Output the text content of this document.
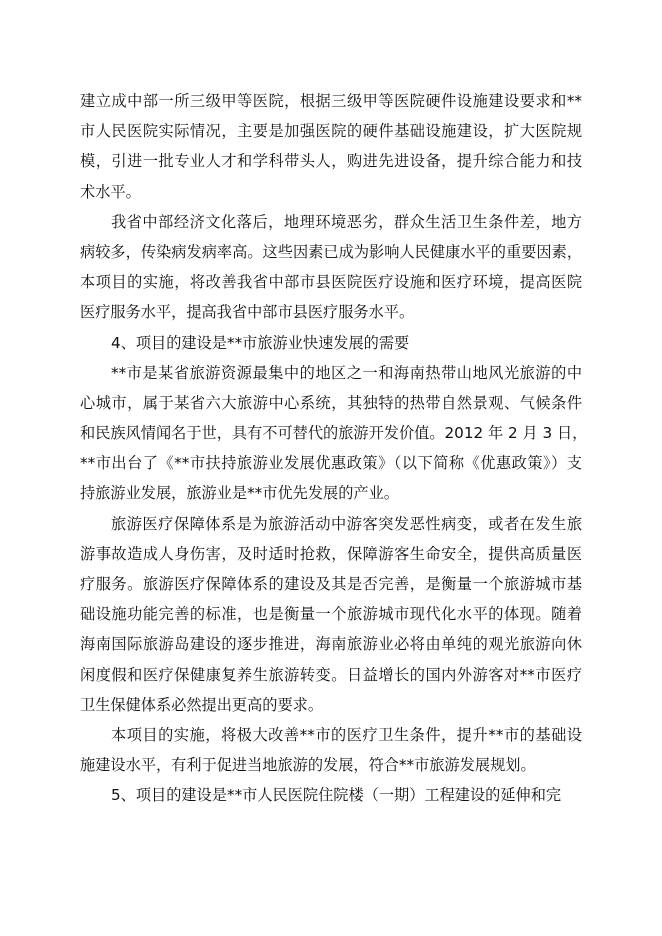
建立成中部一所三级甲等医院，根据三级甲等医院硬件设施建设要求和**
市人民医院实际情况，主要是加强医院的硬件基础设施建设，扩大医院规
模，引进一批专业人才和学科带头人，购进先进设备，提升综合能力和技
术水平。
我省中部经济文化落后，地理环境恶劣，群众生活卫生条件差，地方
病较多，传染病发病率高。这些因素已成为影响人民健康水平的重要因素，
本项目的实施，将改善我省中部市县医院医疗设施和医疗环境，提高医院
医疗服务水平，提高我省中部市县医疗服务水平。
4、项目的建设是**市旅游业快速发展的需要
**市是某省旅游资源最集中的地区之一和海南热带山地风光旅游的中
心城市，属于某省六大旅游中心系统，其独特的热带自然景观、气候条件
和民族风情闻名于世，具有不可替代的旅游开发价值。2012 年 2 月 3 日，
**市出台了《**市扶持旅游业发展优惠政策》（以下简称《优惠政策》）支
持旅游业发展，旅游业是**市优先发展的产业。
旅游医疗保障体系是为旅游活动中游客突发恶性病变，或者在发生旅
游事故造成人身伤害，及时适时抢救，保障游客生命安全，提供高质量医
疗服务。旅游医疗保障体系的建设及其是否完善，是衡量一个旅游城市基
础设施功能完善的标准，也是衡量一个旅游城市现代化水平的体现。随着
海南国际旅游岛建设的逐步推进，海南旅游业必将由单纯的观光旅游向休
闲度假和医疗保健康复养生旅游转变。日益增长的国内外游客对**市医疗
卫生保健体系必然提出更高的要求。
本项目的实施，将极大改善**市的医疗卫生条件，提升**市的基础设
施建设水平，有利于促进当地旅游的发展，符合**市旅游发展规划。
5、项目的建设是**市人民医院住院楼（一期）工程建设的延伸和完
